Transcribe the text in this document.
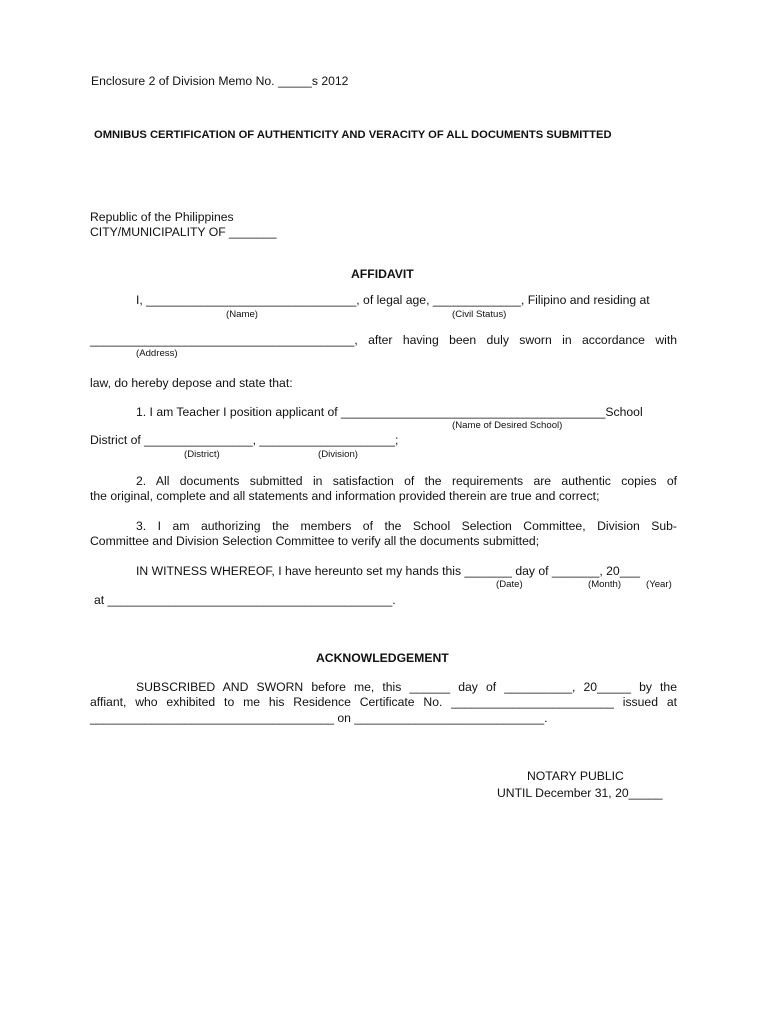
Enclosure 2 of Division Memo No. _____s 2012
OMNIBUS CERTIFICATION OF AUTHENTICITY AND VERACITY OF ALL DOCUMENTS SUBMITTED
Republic of the Philippines
CITY/MUNICIPALITY OF _______
AFFIDAVIT
I, _______________________________, of legal age, _____________, Filipino and residing at
(Name)	(Civil Status)
_______________________________________, after having been duly sworn in accordance with
(Address)
law, do hereby depose and state that:
1. I am Teacher I position applicant of _______________________________________School
(Name of Desired School)
District of ________________, ____________________;
(District)	(Division)
2. All documents submitted in satisfaction of the requirements are authentic copies of
the original, complete and all statements and information provided therein are true and correct;
3. I am authorizing the members of the School Selection Committee, Division Sub-
Committee and Division Selection Committee to verify all the documents submitted;
IN WITNESS WHEREOF, I have hereunto set my hands this _______ day of _______, 20___
(Date)	(Month)	(Year)
at __________________________________________.
ACKNOWLEDGEMENT
SUBSCRIBED AND SWORN before me, this ______ day of __________, 20_____ by the
affiant, who exhibited to me his Residence Certificate No. ________________________ issued at
____________________________________ on ____________________________.
NOTARY PUBLIC
UNTIL December 31, 20_____
